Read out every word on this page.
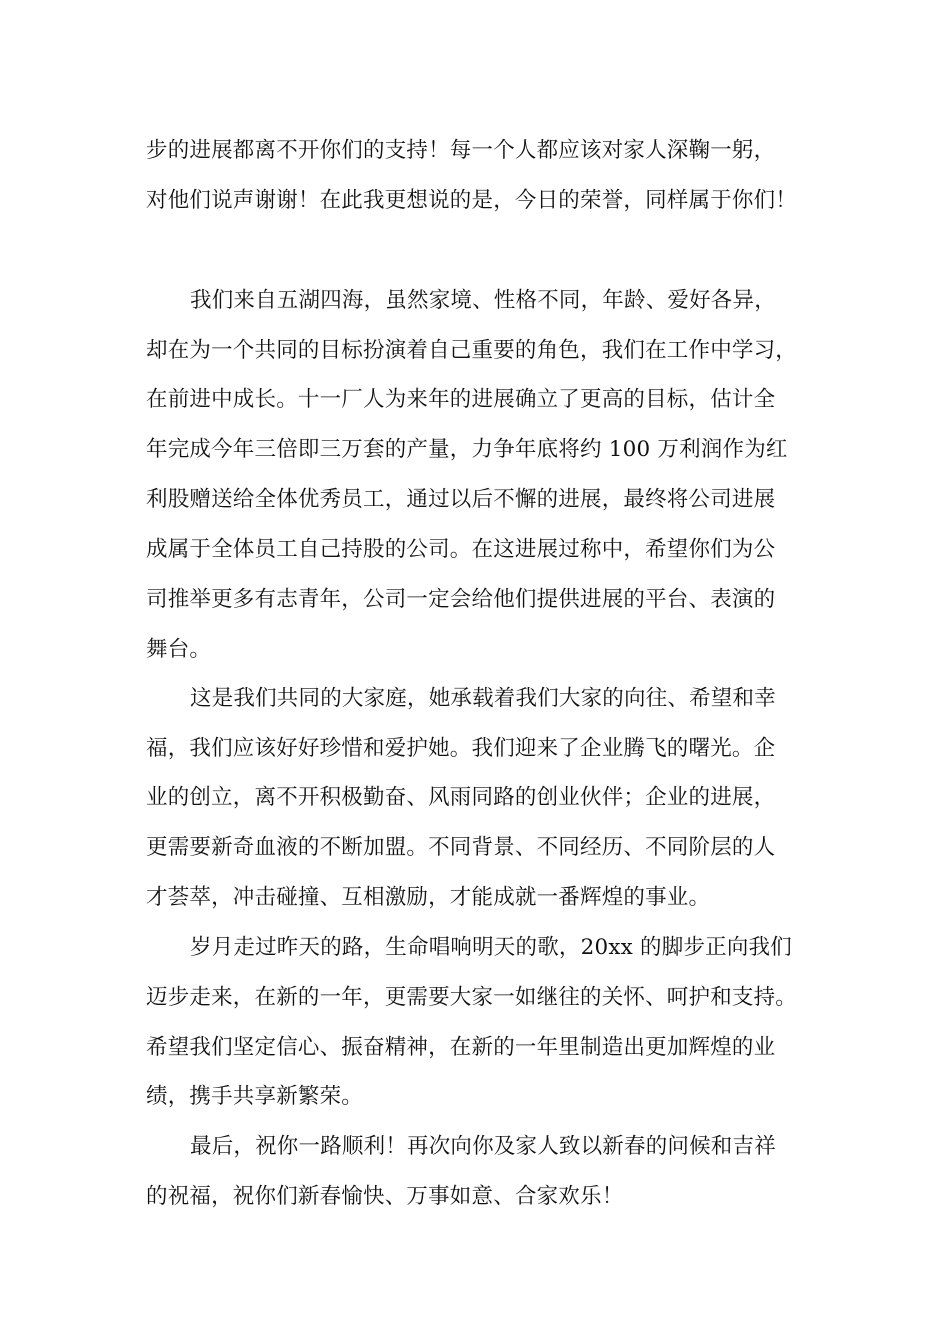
步的进展都离不开你们的支持！每一个人都应该对家人深鞠一躬，
对他们说声谢谢！在此我更想说的是，今日的荣誉，同样属于你们！
我们来自五湖四海，虽然家境、性格不同，年龄、爱好各异，
却在为一个共同的目标扮演着自己重要的角色，我们在工作中学习，
在前进中成长。十一厂人为来年的进展确立了更高的目标，估计全
年完成今年三倍即三万套的产量，力争年底将约 100 万利润作为红
利股赠送给全体优秀员工，通过以后不懈的进展，最终将公司进展
成属于全体员工自己持股的公司。在这进展过称中，希望你们为公
司推举更多有志青年，公司一定会给他们提供进展的平台、表演的
舞台。
这是我们共同的大家庭，她承载着我们大家的向往、希望和幸
福，我们应该好好珍惜和爱护她。我们迎来了企业腾飞的曙光。企
业的创立，离不开积极勤奋、风雨同路的创业伙伴；企业的进展，
更需要新奇血液的不断加盟。不同背景、不同经历、不同阶层的人
才荟萃，冲击碰撞、互相激励，才能成就一番辉煌的事业。
岁月走过昨天的路，生命唱响明天的歌，20xx 的脚步正向我们
迈步走来，在新的一年，更需要大家一如继往的关怀、呵护和支持。
希望我们坚定信心、振奋精神，在新的一年里制造出更加辉煌的业
绩，携手共享新繁荣。
最后，祝你一路顺利！再次向你及家人致以新春的问候和吉祥
的祝福，祝你们新春愉快、万事如意、合家欢乐！
